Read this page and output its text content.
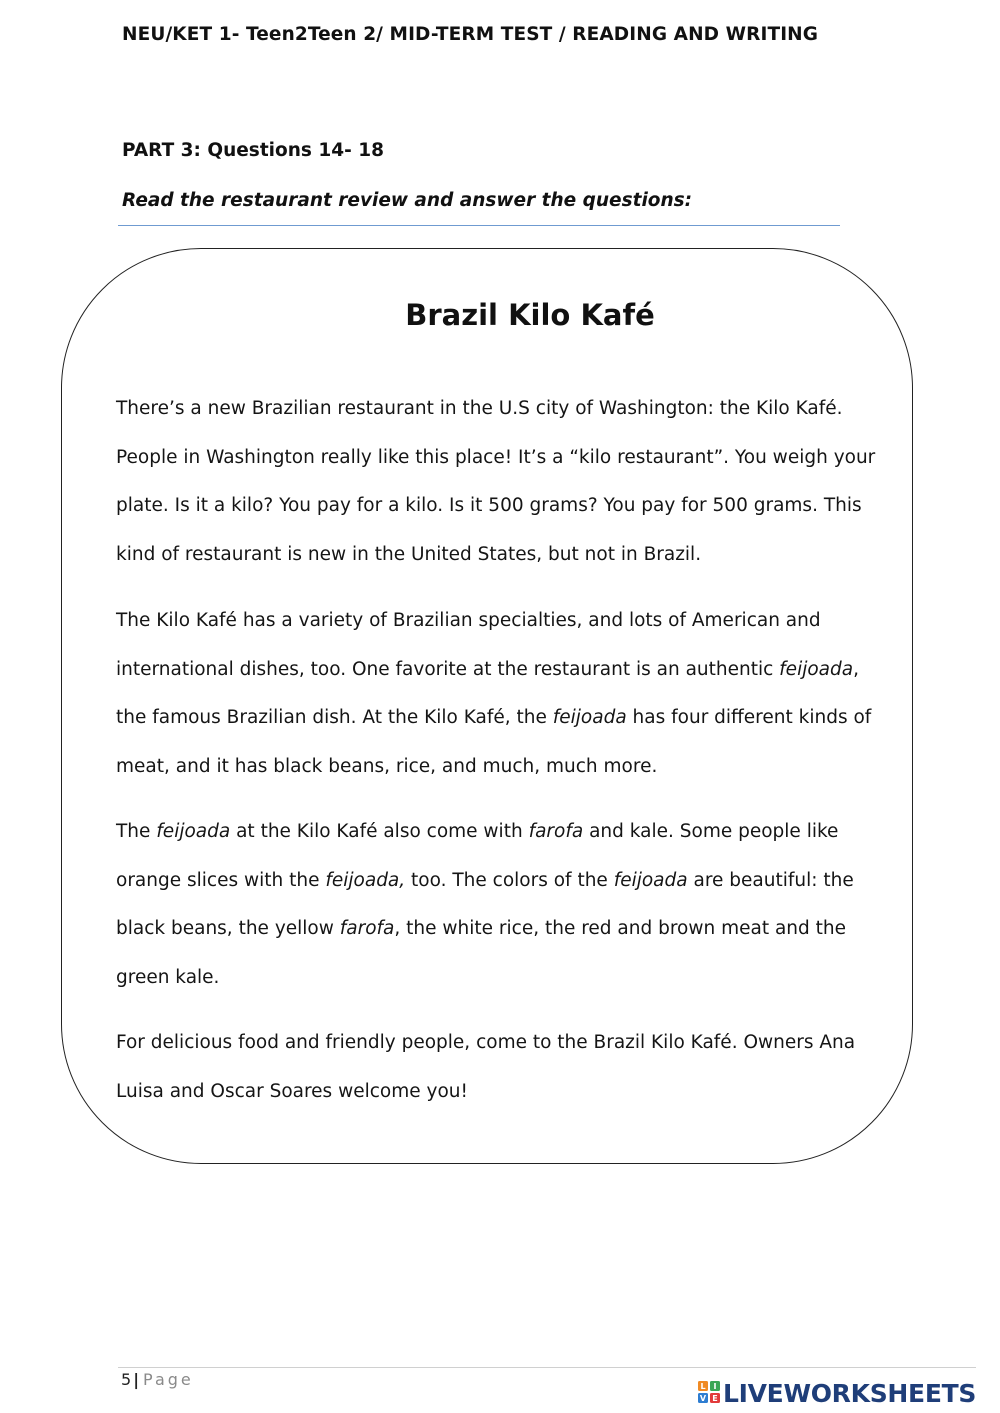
NEU/KET 1- Teen2Teen 2/ MID-TERM TEST / READING AND WRITING
PART 3: Questions 14- 18
Read the restaurant review and answer the questions:
Brazil Kilo Kafé

There’s a new Brazilian restaurant in the U.S city of Washington: the Kilo Kafé.
People in Washington really like this place! It’s a “kilo restaurant”. You weigh your
plate. Is it a kilo? You pay for a kilo. Is it 500 grams? You pay for 500 grams. This
kind of restaurant is new in the United States, but not in Brazil.

The Kilo Kafé has a variety of Brazilian specialties, and lots of American and
international dishes, too. One favorite at the restaurant is an authentic feijoada,
the famous Brazilian dish. At the Kilo Kafé, the feijoada has four different kinds of
meat, and it has black beans, rice, and much, much more.

The feijoada at the Kilo Kafé also come with farofa and kale. Some people like
orange slices with the feijoada, too. The colors of the feijoada are beautiful: the
black beans, the yellow farofa, the white rice, the red and brown meat and the
green kale.

For delicious food and friendly people, come to the Brazil Kilo Kafé. Owners Ana
Luisa and Oscar Soares welcome you!

5 | Page	L I
V E LIVEWORKSHEETS
